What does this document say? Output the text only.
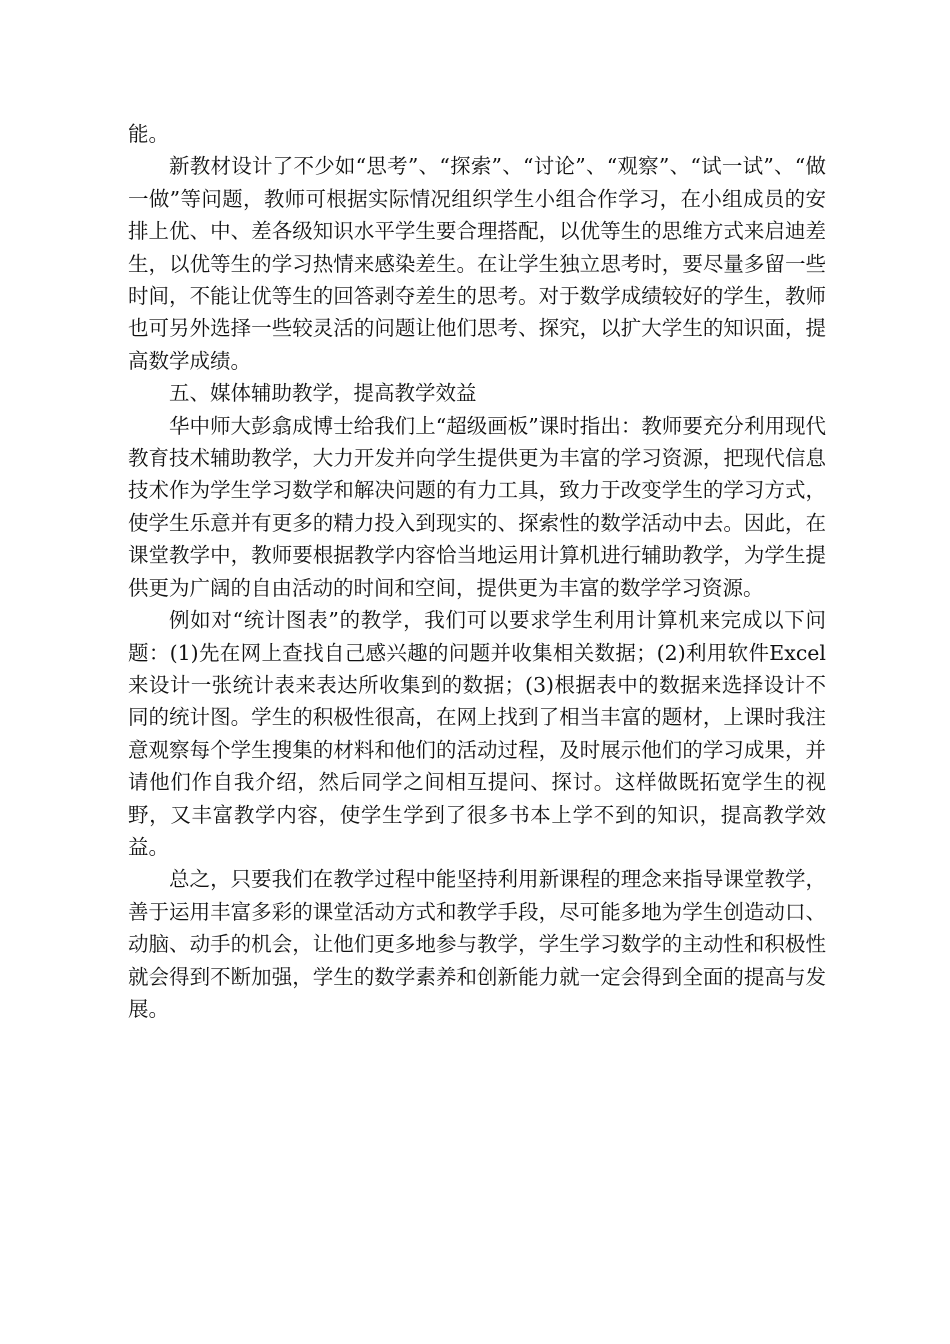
能。

新教材设计了不少如“思考”、“探索”、“讨论”、“观察”、“试一试”、“做一做”等问题，教师可根据实际情况组织学生小组合作学习，在小组成员的安排上优、中、差各级知识水平学生要合理搭配，以优等生的思维方式来启迪差生，以优等生的学习热情来感染差生。在让学生独立思考时，要尽量多留一些时间，不能让优等生的回答剥夺差生的思考。对于数学成绩较好的学生，教师也可另外选择一些较灵活的问题让他们思考、探究，以扩大学生的知识面，提高数学成绩。

五、媒体辅助教学，提高教学效益

华中师大彭翕成博士给我们上“超级画板”课时指出：教师要充分利用现代教育技术辅助教学，大力开发并向学生提供更为丰富的学习资源，把现代信息技术作为学生学习数学和解决问题的有力工具，致力于改变学生的学习方式，使学生乐意并有更多的精力投入到现实的、探索性的数学活动中去。因此，在课堂教学中，教师要根据教学内容恰当地运用计算机进行辅助教学，为学生提供更为广阔的自由活动的时间和空间，提供更为丰富的数学学习资源。

例如对“统计图表”的教学，我们可以要求学生利用计算机来完成以下问题：(1)先在网上查找自己感兴趣的问题并收集相关数据；(2)利用软件Excel来设计一张统计表来表达所收集到的数据；(3)根据表中的数据来选择设计不同的统计图。学生的积极性很高，在网上找到了相当丰富的题材，上课时我注意观察每个学生搜集的材料和他们的活动过程，及时展示他们的学习成果，并请他们作自我介绍，然后同学之间相互提问、探讨。这样做既拓宽学生的视野，又丰富教学内容，使学生学到了很多书本上学不到的知识，提高教学效益。

总之，只要我们在教学过程中能坚持利用新课程的理念来指导课堂教学，善于运用丰富多彩的课堂活动方式和教学手段，尽可能多地为学生创造动口、动脑、动手的机会，让他们更多地参与教学，学生学习数学的主动性和积极性就会得到不断加强，学生的数学素养和创新能力就一定会得到全面的提高与发展。
